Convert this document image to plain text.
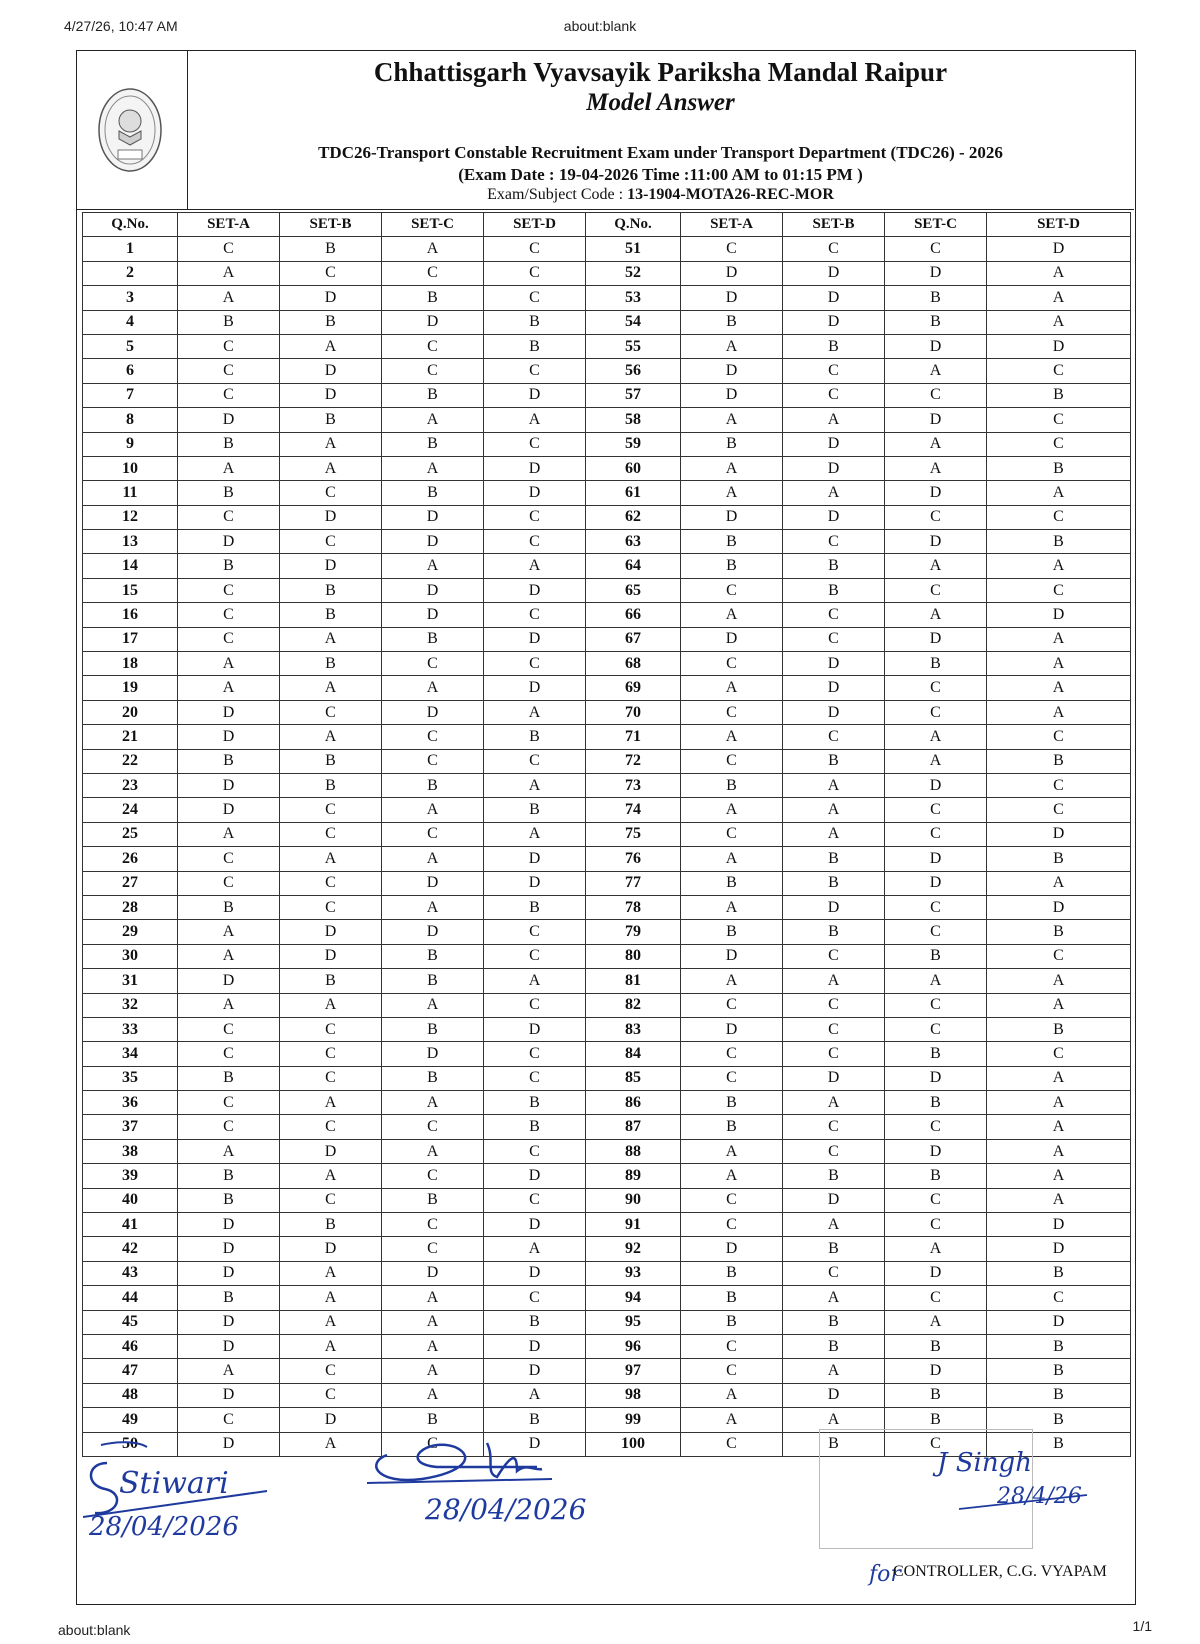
4/27/26, 10:47 AM	about:blank
Chhattisgarh Vyavsayik Pariksha Mandal Raipur
Model Answer
TDC26-Transport Constable Recruitment Exam under Transport Department (TDC26) - 2026
(Exam Date : 19-04-2026 Time :11:00 AM to 01:15 PM )
Exam/Subject Code : 13-1904-MOTA26-REC-MOR
Q.No.	SET-A	SET-B	SET-C	SET-D	Q.No.	SET-A	SET-B	SET-C	SET-D
1	C	B	A	C	51	C	C	C	D
2	A	C	C	C	52	D	D	D	A
3	A	D	B	C	53	D	D	B	A
4	B	B	D	B	54	B	D	B	A
5	C	A	C	B	55	A	B	D	D
6	C	D	C	C	56	D	C	A	C
7	C	D	B	D	57	D	C	C	B
8	D	B	A	A	58	A	A	D	C
9	B	A	B	C	59	B	D	A	C
10	A	A	A	D	60	A	D	A	B
11	B	C	B	D	61	A	A	D	A
12	C	D	D	C	62	D	D	C	C
13	D	C	D	C	63	B	C	D	B
14	B	D	A	A	64	B	B	A	A
15	C	B	D	D	65	C	B	C	C
16	C	B	D	C	66	A	C	A	D
17	C	A	B	D	67	D	C	D	A
18	A	B	C	C	68	C	D	B	A
19	A	A	A	D	69	A	D	C	A
20	D	C	D	A	70	C	D	C	A
21	D	A	C	B	71	A	C	A	C
22	B	B	C	C	72	C	B	A	B
23	D	B	B	A	73	B	A	D	C
24	D	C	A	B	74	A	A	C	C
25	A	C	C	A	75	C	A	C	D
26	C	A	A	D	76	A	B	D	B
27	C	C	D	D	77	B	B	D	A
28	B	C	A	B	78	A	D	C	D
29	A	D	D	C	79	B	B	C	B
30	A	D	B	C	80	D	C	B	C
31	D	B	B	A	81	A	A	A	A
32	A	A	A	C	82	C	C	C	A
33	C	C	B	D	83	D	C	C	B
34	C	C	D	C	84	C	C	B	C
35	B	C	B	C	85	C	D	D	A
36	C	A	A	B	86	B	A	B	A
37	C	C	C	B	87	B	C	C	A
38	A	D	A	C	88	A	C	D	A
39	B	A	C	D	89	A	B	B	A
40	B	C	B	C	90	C	D	C	A
41	D	B	C	D	91	C	A	C	D
42	D	D	C	A	92	D	B	A	D
43	D	A	D	D	93	B	C	D	B
44	B	A	A	C	94	B	A	C	C
45	D	A	A	B	95	B	B	A	D
46	D	A	A	D	96	C	B	B	B
47	A	C	A	D	97	C	A	D	B
48	D	C	A	A	98	A	D	B	B
49	C	D	B	B	99	A	A	B	B
50	D	A	C	D	100	C	B	C	B
Stiwari
28/04/2026
28/04/2026
J Singh
28/4/26
for
CONTROLLER, C.G. VYAPAM
about:blank	1/1
